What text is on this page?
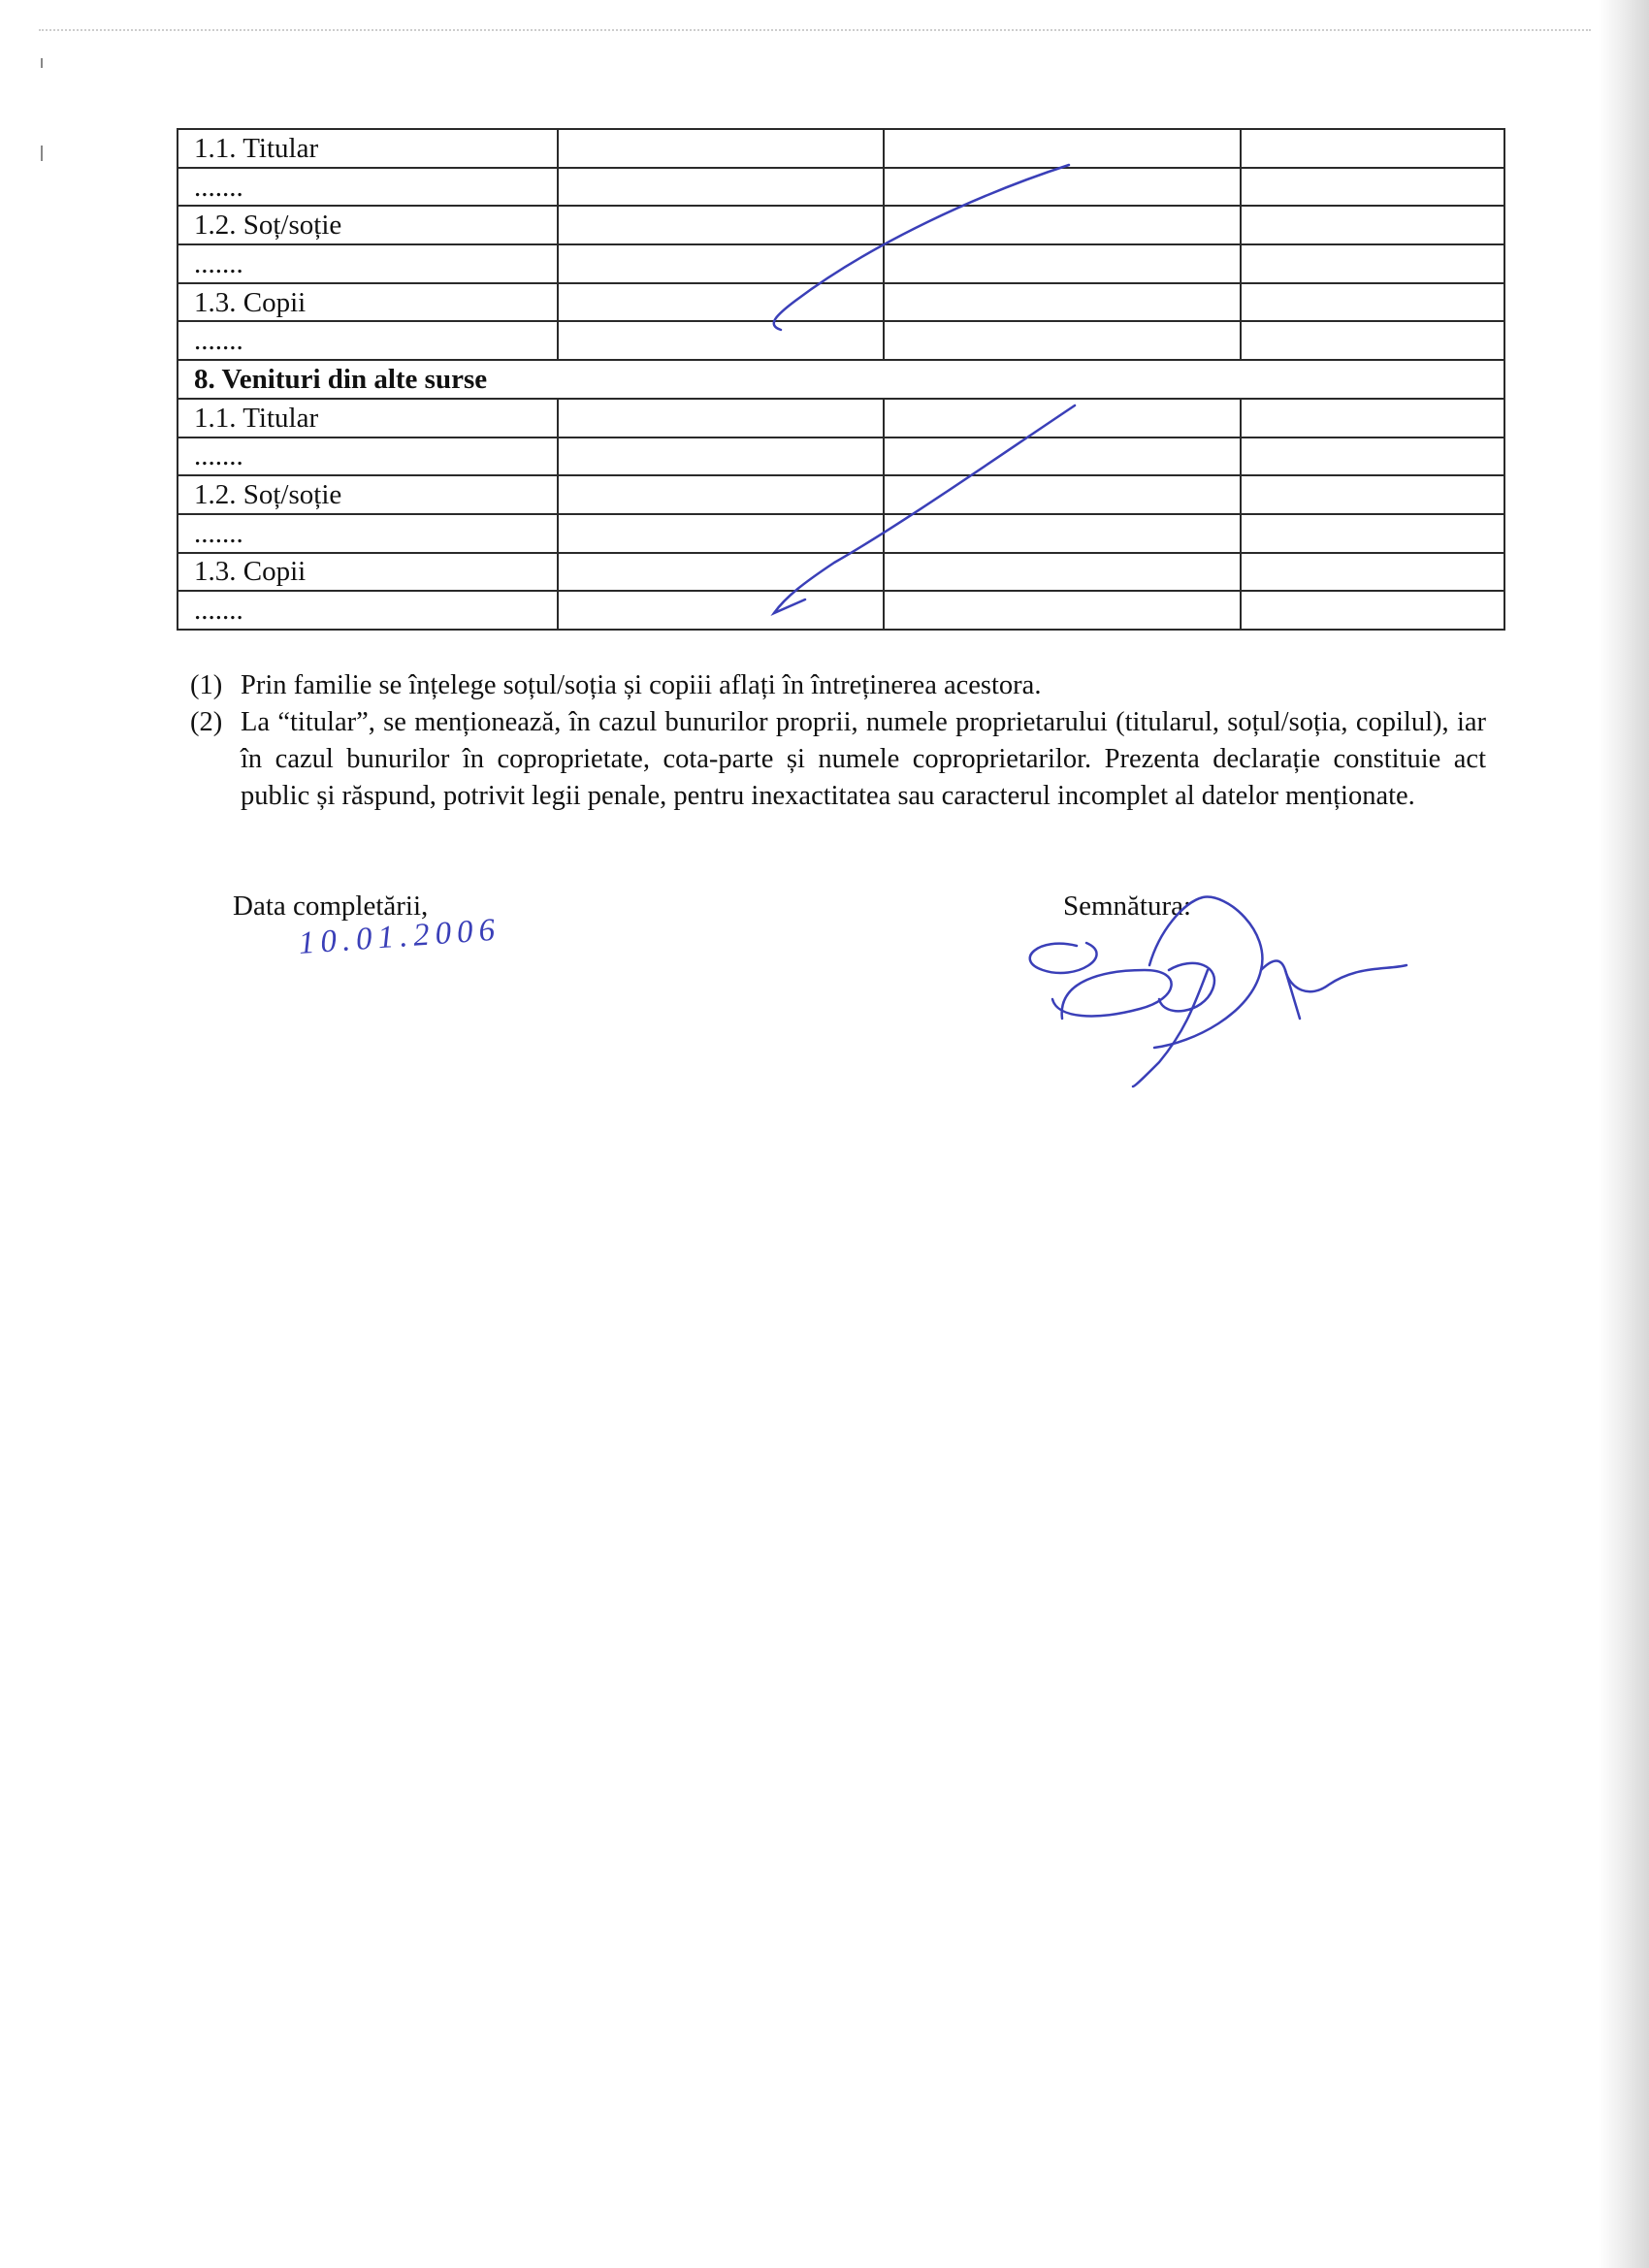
1.1. Titular			
.......			
1.2. Soț/soție			
.......			
1.3. Copii			
.......			
8. Venituri din alte surse			
1.1. Titular			
.......			
1.2. Soț/soție			
.......			
1.3. Copii			
.......			
(1) Prin familie se înțelege soțul/soția și copiii aflați în întreținerea acestora.
(2) La “titular”, se menționează, în cazul bunurilor proprii, numele proprietarului (titularul, soțul/soția, copilul), iar în cazul bunurilor în coproprietate, cota-parte și numele coproprietarilor. Prezenta declarație constituie act public și răspund, potrivit legii penale, pentru inexactitatea sau caracterul incomplet al datelor menționate.
Data completării,
10.01.2006
Semnătura:
